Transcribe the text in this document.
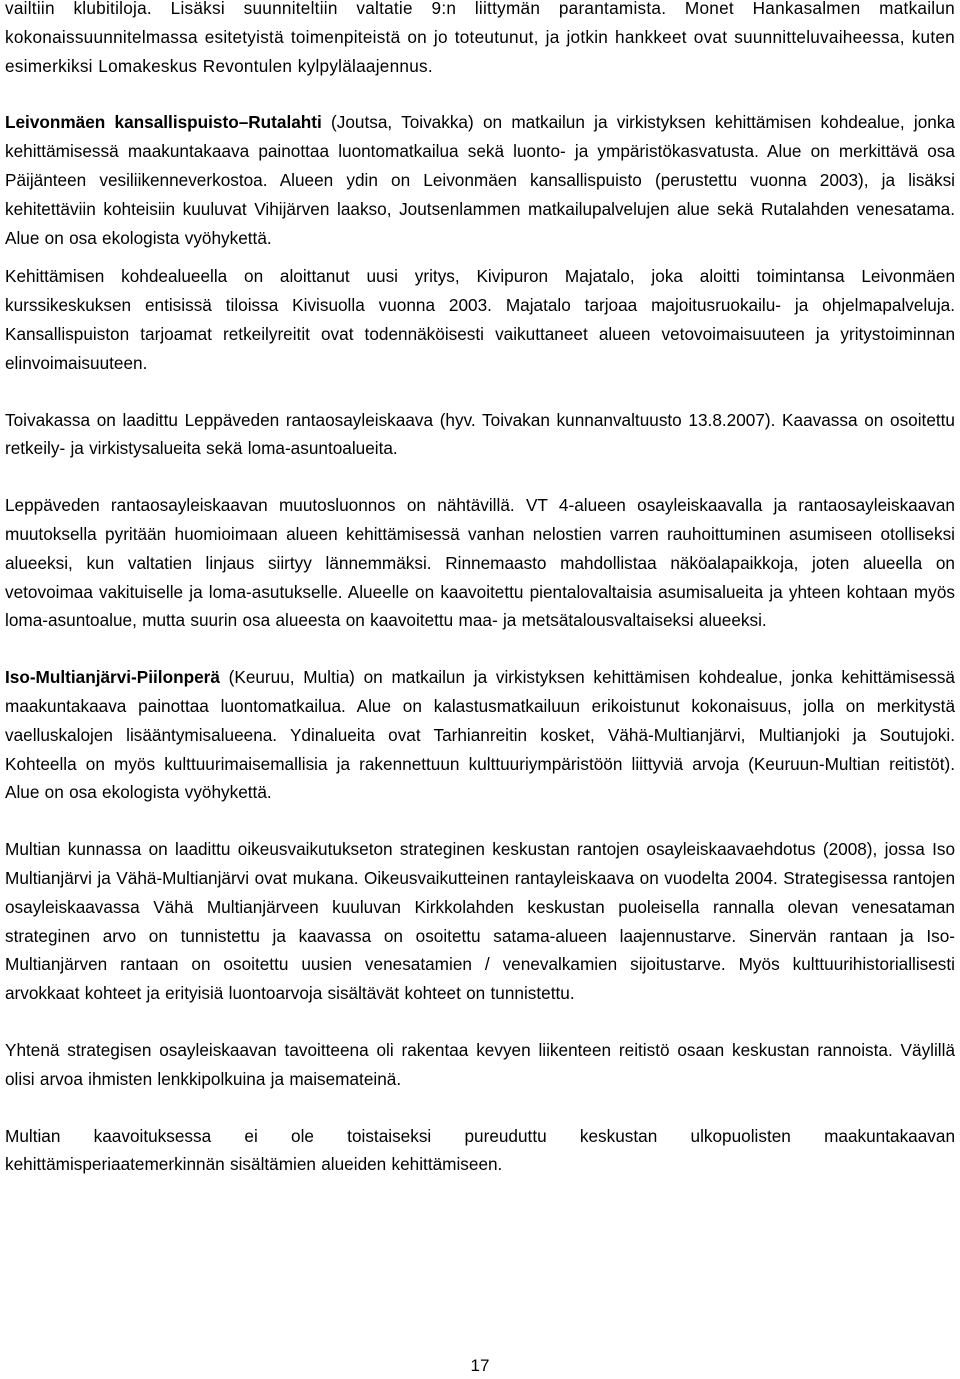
vailtiin klubitiloja. Lisäksi suunniteltiin valtatie 9:n liittymän parantamista. Monet Hankasalmen matkailun kokonaissuunnitelmassa esitetyistä toimenpiteistä on jo toteutunut, ja jotkin hankkeet ovat suunnitteluvaiheessa, kuten esimerkiksi Lomakeskus Revontulen kylpylälaajennus.

Leivonmäen kansallispuisto–Rutalahti (Joutsa, Toivakka) on matkailun ja virkistyksen kehittämisen kohdealue, jonka kehittämisessä maakuntakaava painottaa luontomatkailua sekä luonto- ja ympäristökasvatusta. Alue on merkittävä osa Päijänteen vesiliikenneverkostoa. Alueen ydin on Leivonmäen kansallispuisto (perustettu vuonna 2003), ja lisäksi kehitettäviin kohteisiin kuuluvat Vihijärven laakso, Joutsenlammen matkailupalvelujen alue sekä Rutalahden venesatama. Alue on osa ekologista vyöhykettä.

Kehittämisen kohdealueella on aloittanut uusi yritys, Kivipuron Majatalo, joka aloitti toimintansa Leivonmäen kurssikeskuksen entisissä tiloissa Kivisuolla vuonna 2003. Majatalo tarjoaa majoitusruokailu- ja ohjelmapalveluja. Kansallispuiston tarjoamat retkeilyreitit ovat todennäköisesti vaikuttaneet alueen vetovoimaisuuteen ja yritystoiminnan elinvoimaisuuteen.

Toivakassa on laadittu Leppäveden rantaosayleiskaava (hyv. Toivakan kunnanvaltuusto 13.8.2007). Kaavassa on osoitettu retkeily- ja virkistysalueita sekä loma-asuntoalueita.

Leppäveden rantaosayleiskaavan muutosluonnos on nähtävillä. VT 4-alueen osayleiskaavalla ja rantaosayleiskaavan muutoksella pyritään huomioimaan alueen kehittämisessä vanhan nelostien varren rauhoittuminen asumiseen otolliseksi alueeksi, kun valtatien linjaus siirtyy lännemmäksi. Rinnemaasto mahdollistaa näköalapaikkoja, joten alueella on vetovoimaa vakituiselle ja loma-asutukselle. Alueelle on kaavoitettu pientalovaltaisia asumisalueita ja yhteen kohtaan myös loma-asuntoalue, mutta suurin osa alueesta on kaavoitettu maa- ja metsätalousvaltaiseksi alueeksi.

Iso-Multianjärvi-Piilonperä (Keuruu, Multia) on matkailun ja virkistyksen kehittämisen kohdealue, jonka kehittämisessä maakuntakaava painottaa luontomatkailua. Alue on kalastusmatkailuun erikoistunut kokonaisuus, jolla on merkitystä vaelluskalojen lisääntymisalueena. Ydinalueita ovat Tarhianreitin kosket, Vähä-Multianjärvi, Multianjoki ja Soutujoki. Kohteella on myös kulttuurimaisemallisia ja rakennettuun kulttuuriympäristöön liittyviä arvoja (Keuruun-Multian reitistöt). Alue on osa ekologista vyöhykettä.

Multian kunnassa on laadittu oikeusvaikutukseton strateginen keskustan rantojen osayleiskaavaehdotus (2008), jossa Iso Multianjärvi ja Vähä-Multianjärvi ovat mukana. Oikeusvaikutteinen rantayleiskaava on vuodelta 2004. Strategisessa rantojen osayleiskaavassa Vähä Multianjärveen kuuluvan Kirkkolahden keskustan puoleisella rannalla olevan venesataman strateginen arvo on tunnistettu ja kaavassa on osoitettu satama-alueen laajennustarve. Sinervän rantaan ja Iso-Multianjärven rantaan on osoitettu uusien venesatamien / venevalkamien sijoitustarve. Myös kulttuurihistoriallisesti arvokkaat kohteet ja erityisiä luontoarvoja sisältävät kohteet on tunnistettu.

Yhtenä strategisen osayleiskaavan tavoitteena oli rakentaa kevyen liikenteen reitistö osaan keskustan rannoista. Väylillä olisi arvoa ihmisten lenkkipolkuina ja maisemateinä.

Multian kaavoituksessa ei ole toistaiseksi pureuduttu keskustan ulkopuolisten maakuntakaavan kehittämisperiaatemerkinnän sisältämien alueiden kehittämiseen.

17
